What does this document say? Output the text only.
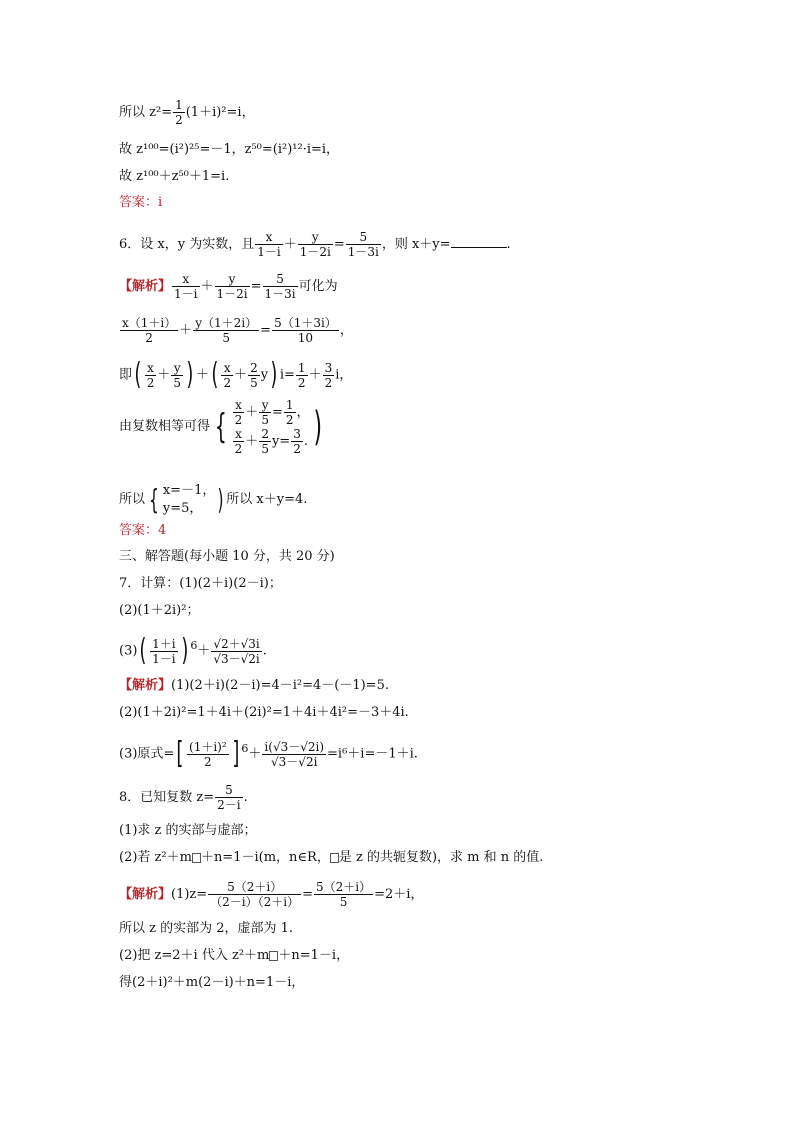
所以 $z^2= \frac{1}{2} (1+i)^2=i$，
故 z¹⁰⁰=(i²)²⁵=－1，z⁵⁰=(i²)¹²·i=i，
故 z¹⁰⁰＋z⁵⁰＋1=i.
答案：i
6．设 x，y 为实数，且 $\frac{x}{1-i} + \frac{y}{1-2i} = \frac{5}{1-3i}$ ，则 x＋y=	.
【解析】 $\frac{x}{1-i} + \frac{y}{1-2i} = \frac{5}{1-3i}$ 可化为
$\frac{x(1+i)}{2} + \frac{y(1+2i)}{5} = \frac{5(1+3i)}{10}$ ，
即( $\frac{x}{2} + \frac{y}{5}$ ) ＋( $\frac{x}{2} + \frac{2}{5} y$) $i= \frac{1}{2} + \frac{3}{2}$ i，
由复数相等可得 { $\frac{x}{2} + \frac{y}{5} = \frac{1}{2}$ ，
$\frac{x}{2} + \frac{2}{5} y= \frac{3}{2}$ . )
所以 { x=－1，
y=5， ) 所以 x＋y=4.
答案：4
三、解答题(每小题 10 分，共 20 分)
7．计算：(1)(2＋i)(2－i)；
(2)(1＋2i)²；
$(3)( \frac{1+i}{1-i}$ ) $^6+ \frac{√2+√3i}{√3-√2i}$ .
【解析】(1)(2＋i)(2－i)=4－i²=4－(－1)=5.
(2)(1＋2i)²=1＋4i＋(2i)²=1＋4i＋4i²=－3＋4i.
(3)原式=[ $\frac{\text{(1＋i)²}}{2}$ ] $^6+ \frac{i(√3-√2i)}{√3-√2i} =i^6+i=-1+i$.
8．已知复数 $z= \frac{5}{2-i}$ .
(1)求 z 的实部与虚部；
(2)若 z²＋m ＋n=1－i(m，n∈R， 是 z 的共轭复数)，求 m 和 n 的值.
【解析】$(1)z= \frac{5(2+i)}{(2-i)(2+i)} = \frac{5(2+i)}{5} =2+i$，
所以 z 的实部为 2，虚部为 1.
(2)把 z=2＋i 代入 z²＋m ＋n=1－i，
得(2＋i)²＋m(2－i)＋n=1－i，
